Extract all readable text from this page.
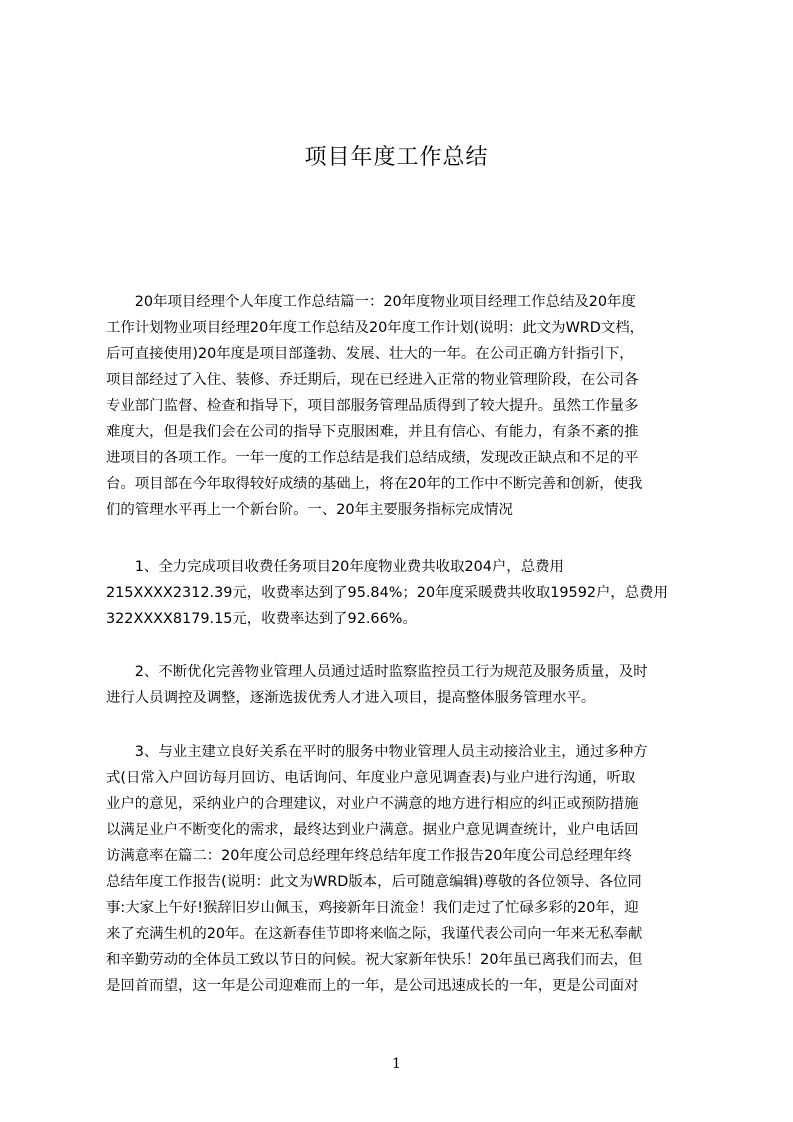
项目年度工作总结
　　20年项目经理个人年度工作总结篇一：20年度物业项目经理工作总结及20年度
工作计划物业项目经理20年度工作总结及20年度工作计划(说明：此文为WRD文档，
后可直接使用)20年度是项目部蓬勃、发展、壮大的一年。在公司正确方针指引下，
项目部经过了入住、装修、乔迁期后，现在已经进入正常的物业管理阶段，在公司各
专业部门监督、检查和指导下，项目部服务管理品质得到了较大提升。虽然工作量多
难度大，但是我们会在公司的指导下克服困难，并且有信心、有能力，有条不紊的推
进项目的各项工作。一年一度的工作总结是我们总结成绩，发现改正缺点和不足的平
台。项目部在今年取得较好成绩的基础上，将在20年的工作中不断完善和创新，使我
们的管理水平再上一个新台阶。一、20年主要服务指标完成情况
　　1、全力完成项目收费任务项目20年度物业费共收取204户，总费用
215XXXX2312.39元，收费率达到了95.84%；20年度采暖费共收取19592户，总费用
322XXXX8179.15元，收费率达到了92.66%。
　　2、不断优化完善物业管理人员通过适时监察监控员工行为规范及服务质量，及时
进行人员调控及调整，逐渐选拔优秀人才进入项目，提高整体服务管理水平。
　　3、与业主建立良好关系在平时的服务中物业管理人员主动接洽业主，通过多种方
式(日常入户回访每月回访、电话询问、年度业户意见调查表)与业户进行沟通，听取
业户的意见，采纳业户的合理建议，对业户不满意的地方进行相应的纠正或预防措施
以满足业户不断变化的需求，最终达到业户满意。据业户意见调查统计，业户电话回
访满意率在篇二：20年度公司总经理年终总结年度工作报告20年度公司总经理年终
总结年度工作报告(说明：此文为WRD版本，后可随意编辑)尊敬的各位领导、各位同
事:大家上午好!猴辞旧岁山佩玉，鸡接新年日流金！我们走过了忙碌多彩的20年，迎
来了充满生机的20年。在这新春佳节即将来临之际，我谨代表公司向一年来无私奉献
和辛勤劳动的全体员工致以节日的问候。祝大家新年快乐！20年虽已离我们而去，但
是回首而望，这一年是公司迎难而上的一年，是公司迅速成长的一年，更是公司面对
1
